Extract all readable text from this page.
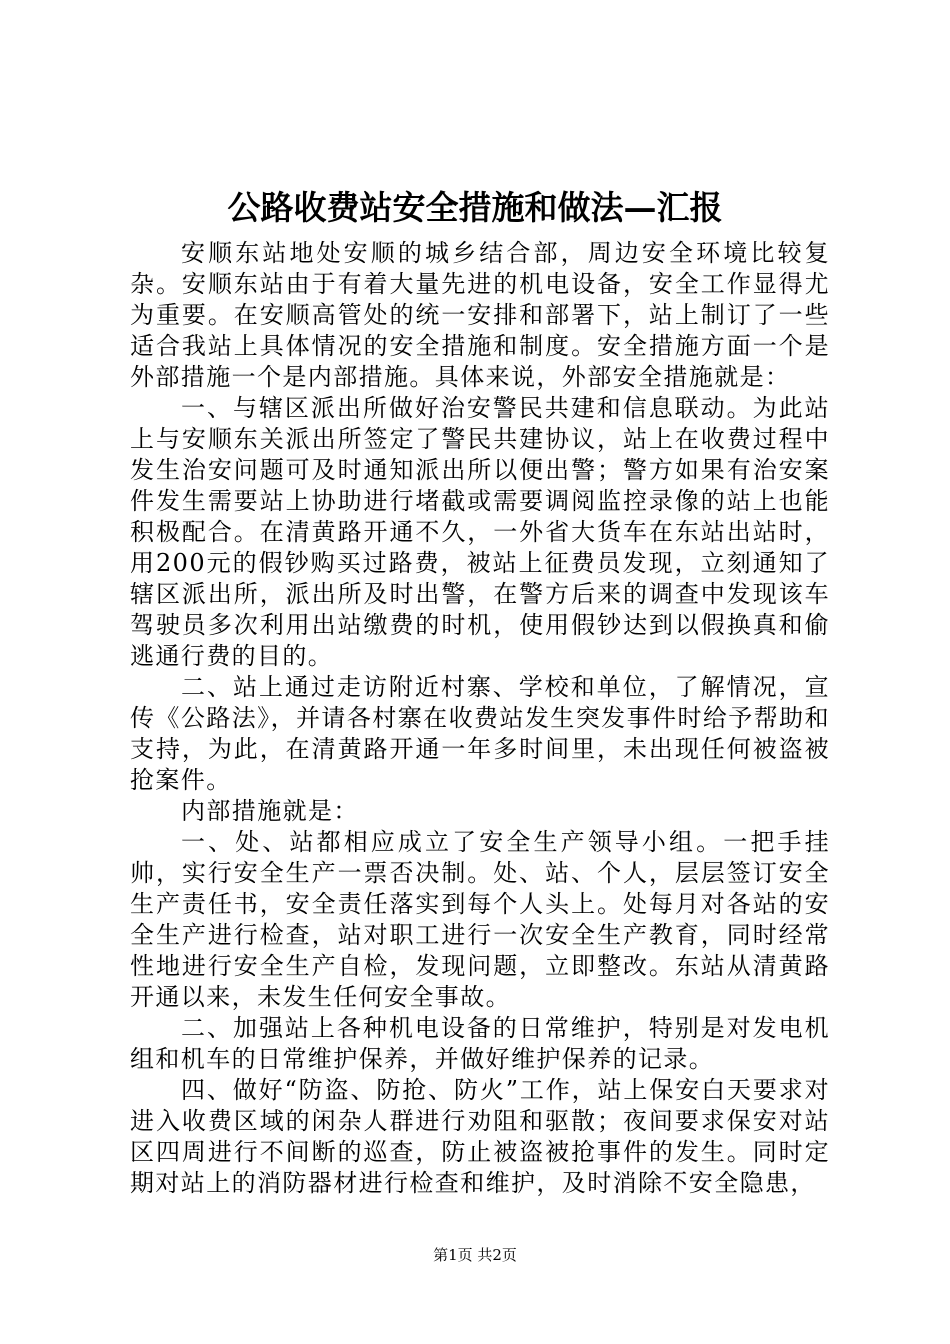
公路收费站安全措施和做法—汇报

安顺东站地处安顺的城乡结合部，周边安全环境比较复杂。安顺东站由于有着大量先进的机电设备，安全工作显得尤为重要。在安顺高管处的统一安排和部署下，站上制订了一些适合我站上具体情况的安全措施和制度。安全措施方面一个是外部措施一个是内部措施。具体来说，外部安全措施就是：

一、与辖区派出所做好治安警民共建和信息联动。为此站上与安顺东关派出所签定了警民共建协议，站上在收费过程中发生治安问题可及时通知派出所以便出警；警方如果有治安案件发生需要站上协助进行堵截或需要调阅监控录像的站上也能积极配合。在清黄路开通不久，一外省大货车在东站出站时，用200元的假钞购买过路费，被站上征费员发现，立刻通知了辖区派出所，派出所及时出警，在警方后来的调查中发现该车驾驶员多次利用出站缴费的时机，使用假钞达到以假换真和偷逃通行费的目的。

二、站上通过走访附近村寨、学校和单位，了解情况，宣传《公路法》，并请各村寨在收费站发生突发事件时给予帮助和支持，为此，在清黄路开通一年多时间里，未出现任何被盗被抢案件。

内部措施就是：

一、处、站都相应成立了安全生产领导小组。一把手挂帅，实行安全生产一票否决制。处、站、个人，层层签订安全生产责任书，安全责任落实到每个人头上。处每月对各站的安全生产进行检查，站对职工进行一次安全生产教育，同时经常性地进行安全生产自检，发现问题，立即整改。东站从清黄路开通以来，未发生任何安全事故。

二、加强站上各种机电设备的日常维护，特别是对发电机组和机车的日常维护保养，并做好维护保养的记录。

四、做好“防盗、防抢、防火”工作，站上保安白天要求对进入收费区域的闲杂人群进行劝阻和驱散；夜间要求保安对站区四周进行不间断的巡查，防止被盗被抢事件的发生。同时定期对站上的消防器材进行检查和维护，及时消除不安全隐患，

第1页 共2页
